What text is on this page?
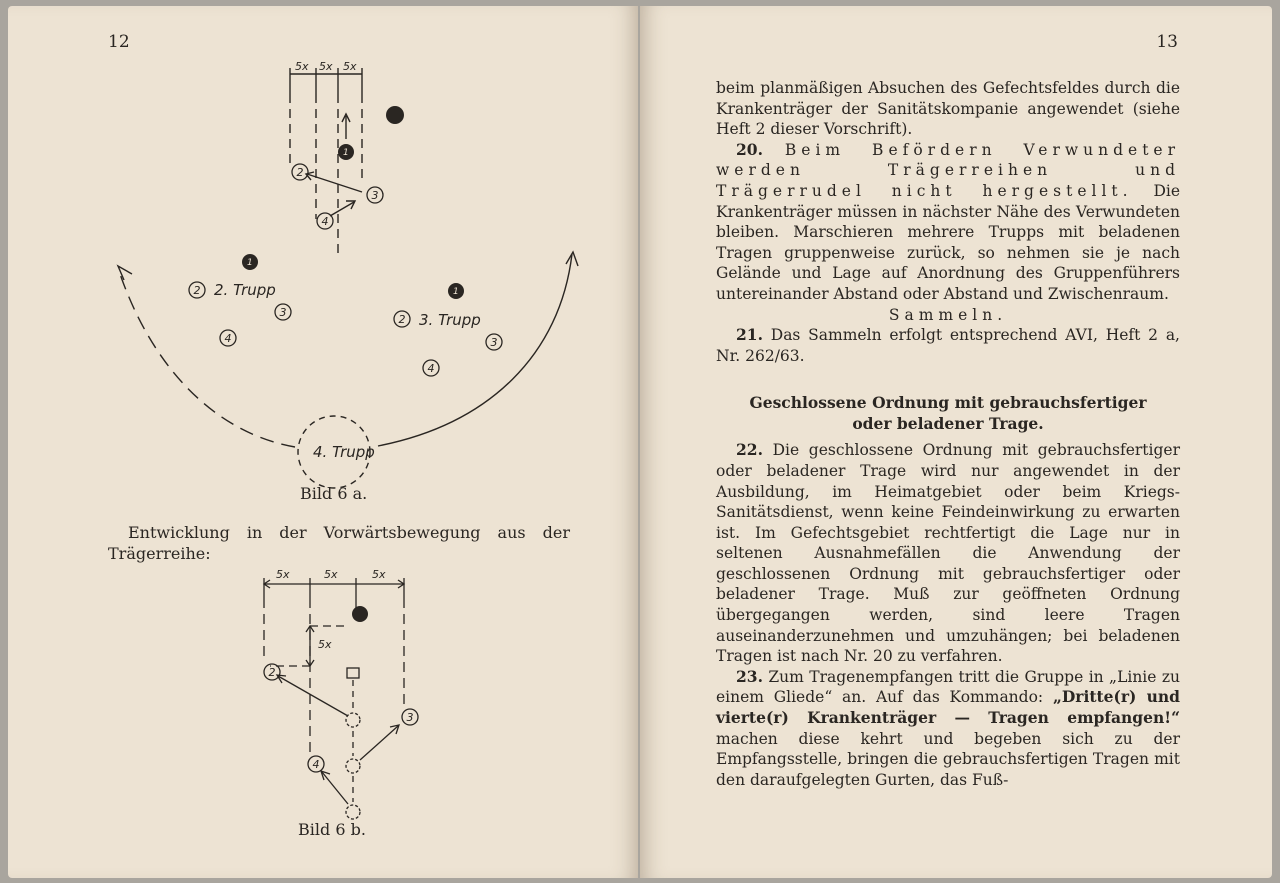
12
1
1
1
2
3
4
2
3
4
2
3
4
5x 5x 5x
2. Trupp
3. Trupp
4. Trupp
Bild 6 a.
Entwicklung in der Vorwärtsbewegung aus der Trägerreihe:
2
3
4
5x	5x	5x
5x
Bild 6 b.
13

beim planmäßigen Absuchen des Gefechtsfeldes durch die Krankenträger der Sanitätskompanie angewendet (siehe Heft 2 dieser Vorschrift).

20. Beim Befördern Verwundeter werden Trägerreihen und Trägerrudel nicht hergestellt. Die Krankenträger müssen in nächster Nähe des Verwundeten bleiben. Marschieren mehrere Trupps mit beladenen Tragen gruppenweise zurück, so nehmen sie je nach Gelände und Lage auf Anordnung des Gruppenführers untereinander Abstand oder Abstand und Zwischenraum.

Sammeln.

21. Das Sammeln erfolgt entsprechend AVI, Heft 2 a, Nr. 262/63.

Geschlossene Ordnung mit gebrauchsfertiger
oder beladener Trage.

22. Die geschlossene Ordnung mit gebrauchsfertiger oder beladener Trage wird nur angewendet in der Ausbildung, im Heimatgebiet oder beim Kriegs-Sanitätsdienst, wenn keine Feindeinwirkung zu erwarten ist. Im Gefechtsgebiet rechtfertigt die Lage nur in seltenen Ausnahmefällen die Anwendung der geschlossenen Ordnung mit gebrauchsfertiger oder beladener Trage. Muß zur geöffneten Ordnung übergegangen werden, sind leere Tragen auseinanderzunehmen und umzuhängen; bei beladenen Tragen ist nach Nr. 20 zu verfahren.

23. Zum Tragenempfangen tritt die Gruppe in „Linie zu einem Gliede“ an. Auf das Kommando: „Dritte(r) und vierte(r) Krankenträger — Tragen empfangen!“ machen diese kehrt und begeben sich zu der Empfangsstelle, bringen die gebrauchsfertigen Tragen mit den daraufgelegten Gurten, das Fuß-
